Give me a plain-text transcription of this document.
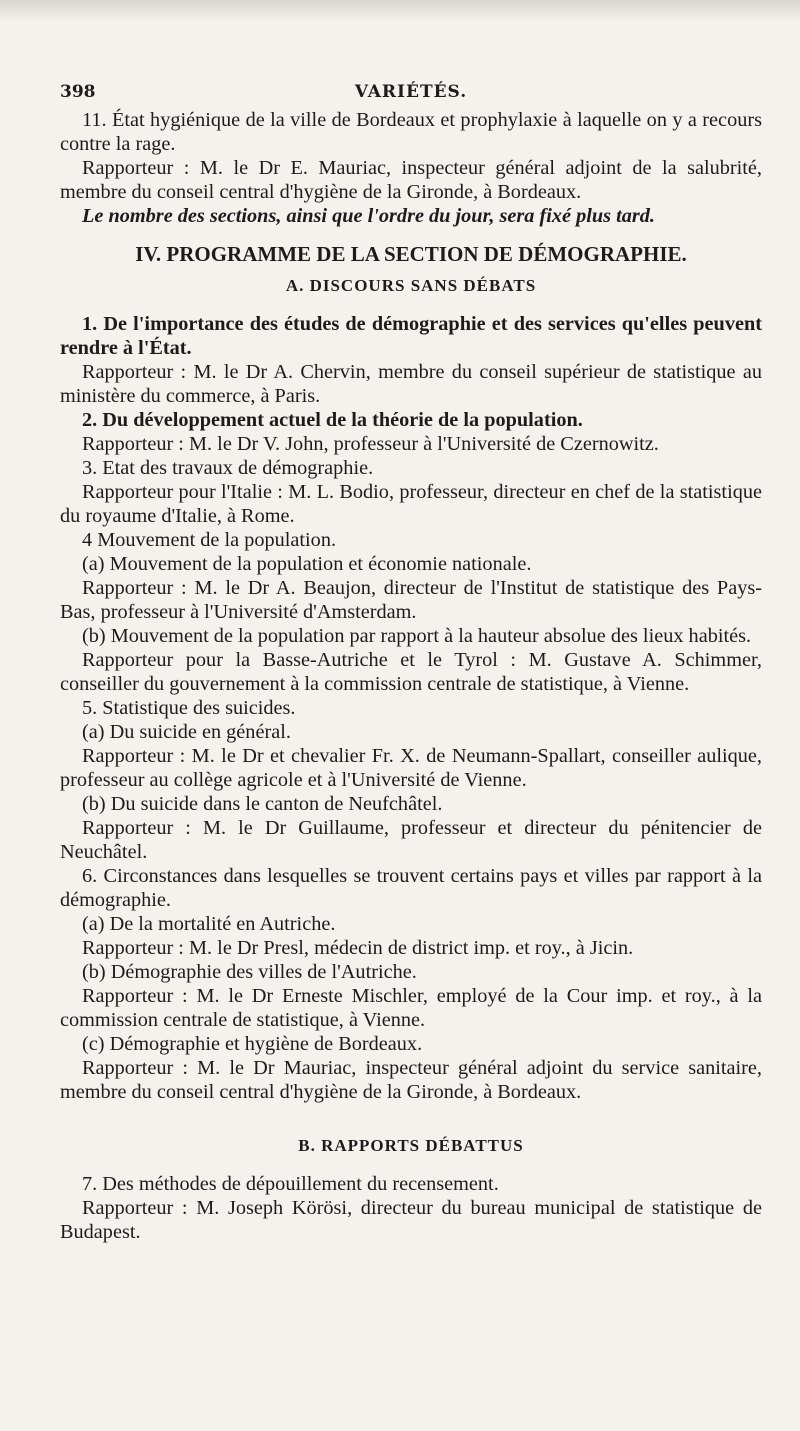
398	VARIÉTÉS.

11. État hygiénique de la ville de Bordeaux et prophylaxie à laquelle on y a recours contre la rage.

Rapporteur : M. le Dr E. Mauriac, inspecteur général adjoint de la salubrité, membre du conseil central d'hygiène de la Gironde, à Bordeaux.

Le nombre des sections, ainsi que l'ordre du jour, sera fixé plus tard.

IV. PROGRAMME DE LA SECTION DE DÉMOGRAPHIE.
A. DISCOURS SANS DÉBATS

1. De l'importance des études de démographie et des services qu'elles peuvent rendre à l'État.

Rapporteur : M. le Dr A. Chervin, membre du conseil supérieur de statistique au ministère du commerce, à Paris.

2. Du développement actuel de la théorie de la population.

Rapporteur : M. le Dr V. John, professeur à l'Université de Czernowitz.

3. Etat des travaux de démographie.

Rapporteur pour l'Italie : M. L. Bodio, professeur, directeur en chef de la statistique du royaume d'Italie, à Rome.

4 Mouvement de la population.

(a) Mouvement de la population et économie nationale.

Rapporteur : M. le Dr A. Beaujon, directeur de l'Institut de statistique des Pays-Bas, professeur à l'Université d'Amsterdam.

(b) Mouvement de la population par rapport à la hauteur absolue des lieux habités.

Rapporteur pour la Basse-Autriche et le Tyrol : M. Gustave A. Schimmer, conseiller du gouvernement à la commission centrale de statistique, à Vienne.

5. Statistique des suicides.

(a) Du suicide en général.

Rapporteur : M. le Dr et chevalier Fr. X. de Neumann-Spallart, conseiller aulique, professeur au collège agricole et à l'Université de Vienne.

(b) Du suicide dans le canton de Neufchâtel.

Rapporteur : M. le Dr Guillaume, professeur et directeur du pénitencier de Neuchâtel.

6. Circonstances dans lesquelles se trouvent certains pays et villes par rapport à la démographie.

(a) De la mortalité en Autriche.

Rapporteur : M. le Dr Presl, médecin de district imp. et roy., à Jicin.

(b) Démographie des villes de l'Autriche.

Rapporteur : M. le Dr Erneste Mischler, employé de la Cour imp. et roy., à la commission centrale de statistique, à Vienne.

(c) Démographie et hygiène de Bordeaux.

Rapporteur : M. le Dr Mauriac, inspecteur général adjoint du service sanitaire, membre du conseil central d'hygiène de la Gironde, à Bordeaux.

B. RAPPORTS DÉBATTUS

7. Des méthodes de dépouillement du recensement.

Rapporteur : M. Joseph Körösi, directeur du bureau municipal de statistique de Budapest.
